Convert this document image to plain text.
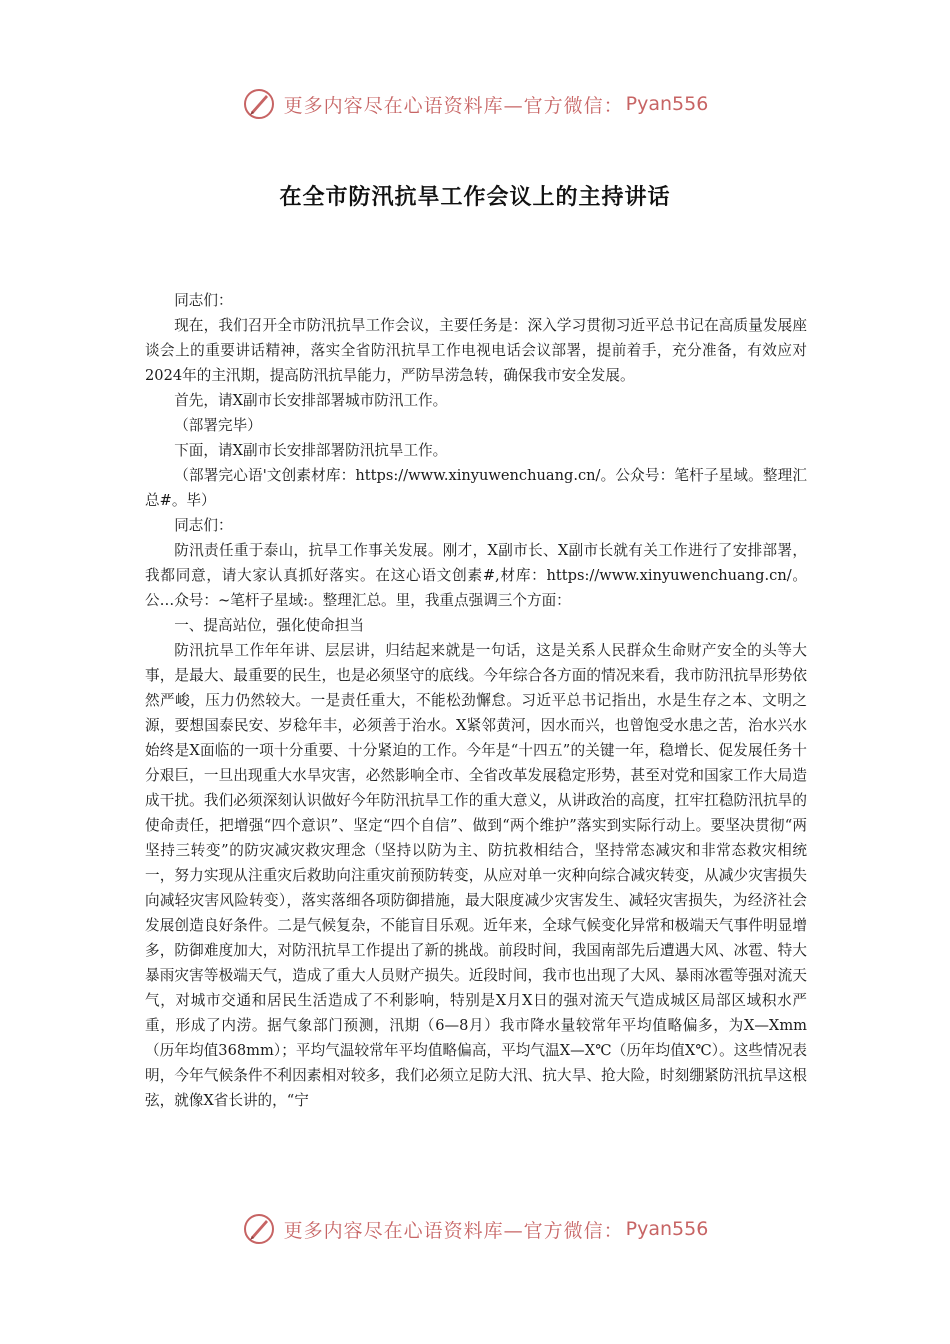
更多内容尽在心语资料库—官方微信： Pyan556
在全市防汛抗旱工作会议上的主持讲话

同志们：

现在，我们召开全市防汛抗旱工作会议，主要任务是：深入学习贯彻习近平总书记在高质量发展座谈会上的重要讲话精神，落实全省防汛抗旱工作电视电话会议部署，提前着手，充分准备，有效应对2024年的主汛期，提高防汛抗旱能力，严防旱涝急转，确保我市安全发展。

首先，请X副市长安排部署城市防汛工作。

（部署完毕）

下面，请X副市长安排部署防汛抗旱工作。

（部署完心语'文创素材库：https://www.xinyuwenchuang.cn/。公众号：笔杆子星域。整理汇总#。毕）

同志们：

防汛责任重于泰山，抗旱工作事关发展。刚才，X副市长、X副市长就有关工作进行了安排部署，我都同意，请大家认真抓好落实。在这心语文创素#,材库：https://www.xinyuwenchuang.cn/。公…众号：~笔杆子星域:。整理汇总。里，我重点强调三个方面：

一、提高站位，强化使命担当

防汛抗旱工作年年讲、层层讲，归结起来就是一句话，这是关系人民群众生命财产安全的头等大事，是最大、最重要的民生，也是必须坚守的底线。今年综合各方面的情况来看，我市防汛抗旱形势依然严峻，压力仍然较大。一是责任重大，不能松劲懈怠。习近平总书记指出，水是生存之本、文明之源，要想国泰民安、岁稔年丰，必须善于治水。X紧邻黄河，因水而兴，也曾饱受水患之苦，治水兴水始终是X面临的一项十分重要、十分紧迫的工作。今年是“十四五”的关键一年，稳增长、促发展任务十分艰巨，一旦出现重大水旱灾害，必然影响全市、全省改革发展稳定形势，甚至对党和国家工作大局造成干扰。我们必须深刻认识做好今年防汛抗旱工作的重大意义，从讲政治的高度，扛牢扛稳防汛抗旱的使命责任，把增强“四个意识”、坚定“四个自信”、做到“两个维护”落实到实际行动上。要坚决贯彻“两坚持三转变”的防灾减灾救灾理念（坚持以防为主、防抗救相结合，坚持常态减灾和非常态救灾相统一，努力实现从注重灾后救助向注重灾前预防转变，从应对单一灾种向综合减灾转变，从减少灾害损失向减轻灾害风险转变），落实落细各项防御措施，最大限度减少灾害发生、减轻灾害损失，为经济社会发展创造良好条件。二是气候复杂，不能盲目乐观。近年来，全球气候变化异常和极端天气事件明显增多，防御难度加大，对防汛抗旱工作提出了新的挑战。前段时间，我国南部先后遭遇大风、冰雹、特大暴雨灾害等极端天气，造成了重大人员财产损失。近段时间，我市也出现了大风、暴雨冰雹等强对流天气，对城市交通和居民生活造成了不利影响，特别是X月X日的强对流天气造成城区局部区域积水严重，形成了内涝。据气象部门预测，汛期（6—8月）我市降水量较常年平均值略偏多，为X—Xmm（历年均值368mm）；平均气温较常年平均值略偏高，平均气温X—X℃（历年均值X℃）。这些情况表明，今年气候条件不利因素相对较多，我们必须立足防大汛、抗大旱、抢大险，时刻绷紧防汛抗旱这根弦，就像X省长讲的，“宁

更多内容尽在心语资料库—官方微信： Pyan556
